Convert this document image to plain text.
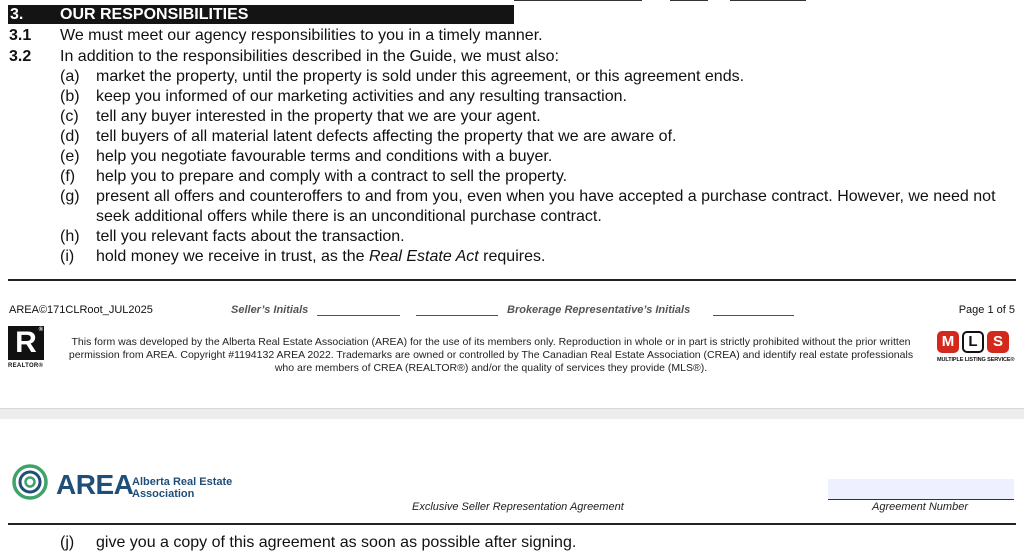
3. OUR RESPONSIBILITIES
3.1 We must meet our agency responsibilities to you in a timely manner.
3.2 In addition to the responsibilities described in the Guide, we must also:
(a) market the property, until the property is sold under this agreement, or this agreement ends.
(b) keep you informed of our marketing activities and any resulting transaction.
(c) tell any buyer interested in the property that we are your agent.
(d) tell buyers of all material latent defects affecting the property that we are aware of.
(e) help you negotiate favourable terms and conditions with a buyer.
(f) help you to prepare and comply with a contract to sell the property.
(g) present all offers and counteroffers to and from you, even when you have accepted a purchase contract. However, we need not seek additional offers while there is an unconditional purchase contract.
(h) tell you relevant facts about the transaction.
(i) hold money we receive in trust, as the Real Estate Act requires.
AREA©171CLRoot_JUL2025	Seller’s Initials	Brokerage Representative’s Initials	Page 1 of 5
R ®
REALTOR®
This form was developed by the Alberta Real Estate Association (AREA) for the use of its members only. Reproduction in whole or in part is strictly prohibited without the prior written permission from AREA. Copyright #1194132 AREA 2022. Trademarks are owned or controlled by The Canadian Real Estate Association (CREA) and identify real estate professionals who are members of CREA (REALTOR®) and/or the quality of services they provide (MLS®).
M L	S
MULTIPLE LISTING SERVICE®
AREA
Alberta Real Estate
Association
Exclusive Seller Representation Agreement	Agreement Number
(j) give you a copy of this agreement as soon as possible after signing.
